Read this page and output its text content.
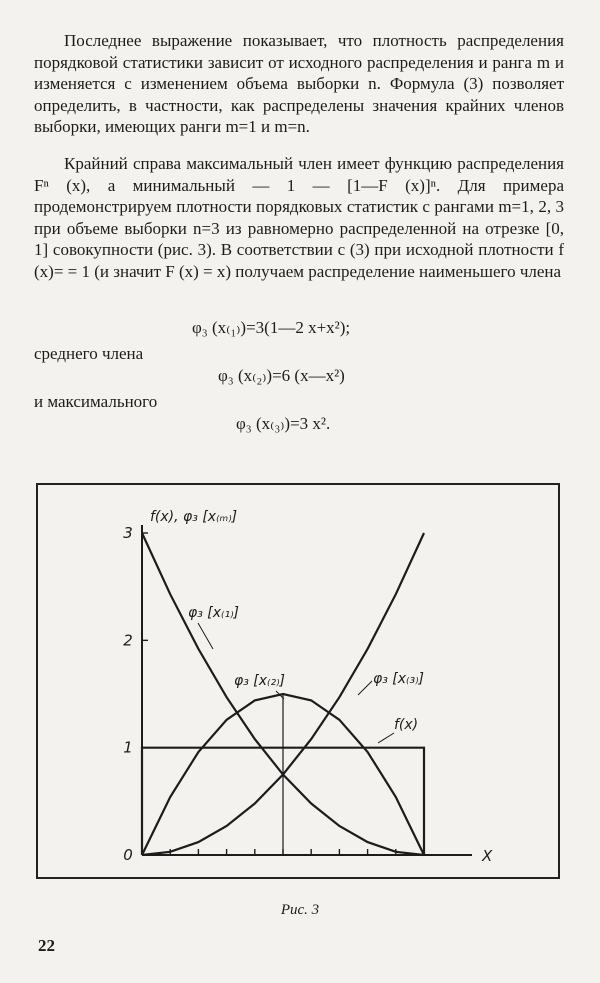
Последнее выражение показывает, что плотность распределения порядковой статистики зависит от исходного распределения и ранга m и изменяется с изменением объема выборки n. Формула (3) позволяет определить, в частности, как распределены значения крайних членов выборки, имеющих ранги m=1 и m=n.

Крайний справа максимальный член имеет функцию распределения Fⁿ (x), а минимальный — 1 — [1—F (x)]ⁿ. Для примера продемонстрируем плотности порядковых статистик с рангами m=1, 2, 3 при объеме выборки n=3 из равномерно распределенной на отрезке [0, 1] совокупности (рис. 3). В соответствии с (3) при исходной плотности f (x)= = 1 (и значит F (x) = x) получаем распределение наименьшего члена

φ₃ (x₍₁₎)=3(1—2 x+x²);
среднего члена
φ₃ (x₍₂₎)=6 (x—x²)
и максимального
φ₃ (x₍₃₎)=3 x².
0
1
2
3
X
f(x), φ₃ [x₍ₘ₎]
φ₃ [x₍₁₎]
φ₃ [x₍₂₎]	φ₃ [x₍₃₎]
f(x)
Рис. 3
22
